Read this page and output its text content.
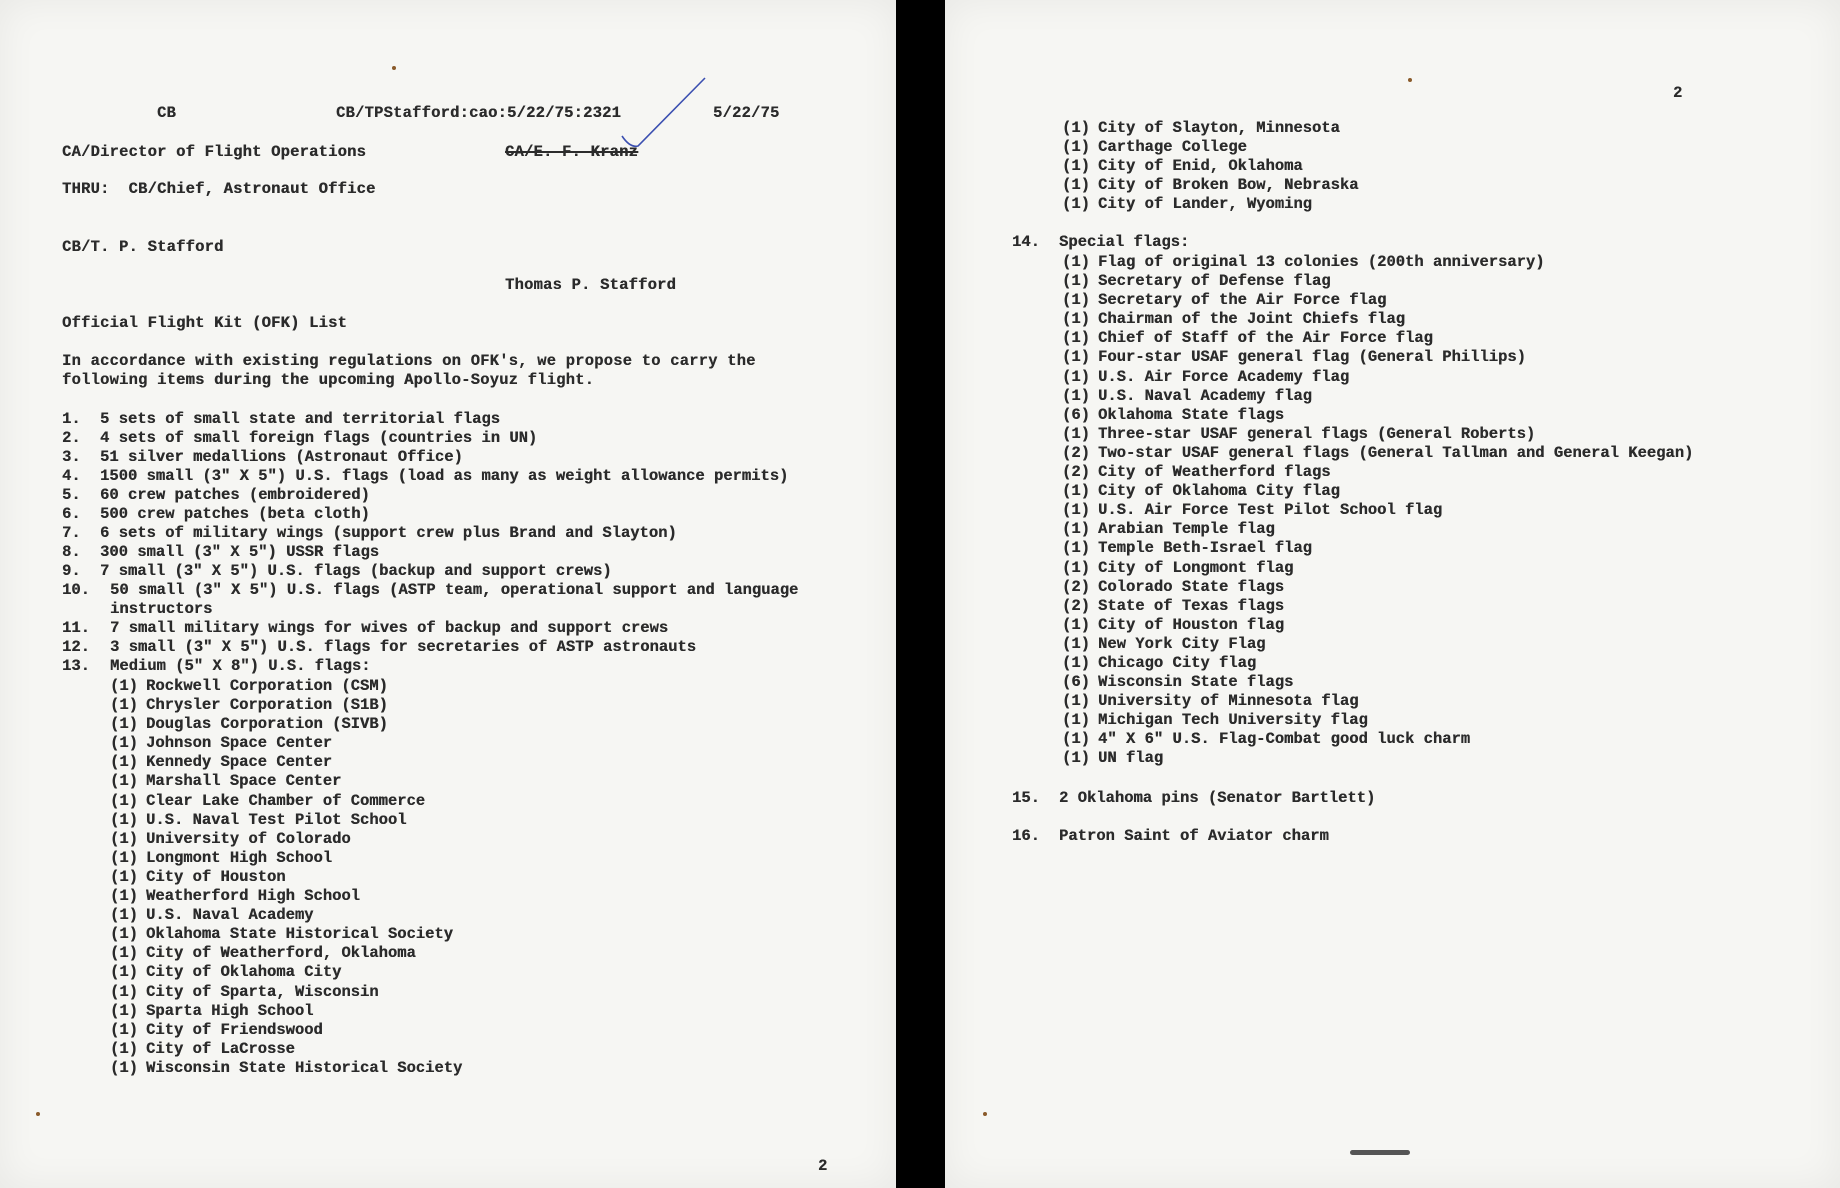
CB	CB/TPStafford:cao:5/22/75:2321	5/22/75
CA/Director of Flight Operations	CA/E. F. Kranz
THRU:  CB/Chief, Astronaut Office
CB/T. P. Stafford
Thomas P. Stafford
Official Flight Kit (OFK) List
In accordance with existing regulations on OFK's, we propose to carry the
following items during the upcoming Apollo-Soyuz flight.
1. 5 sets of small state and territorial flags
2. 4 sets of small foreign flags (countries in UN)
3. 51 silver medallions (Astronaut Office)
4. 1500 small (3" X 5") U.S. flags (load as many as weight allowance permits)
5. 60 crew patches (embroidered)
6. 500 crew patches (beta cloth)
7. 6 sets of military wings (support crew plus Brand and Slayton)
8. 300 small (3" X 5") USSR flags
9. 7 small (3" X 5") U.S. flags (backup and support crews)
10. 50 small (3" X 5") U.S. flags (ASTP team, operational support and language
instructors
11. 7 small military wings for wives of backup and support crews
12. 3 small (3" X 5") U.S. flags for secretaries of ASTP astronauts
13. Medium (5" X 8") U.S. flags:
(1) Rockwell Corporation (CSM)
(1) Chrysler Corporation (S1B)
(1) Douglas Corporation (SIVB)
(1) Johnson Space Center
(1) Kennedy Space Center
(1) Marshall Space Center
(1) Clear Lake Chamber of Commerce
(1) U.S. Naval Test Pilot School
(1) University of Colorado
(1) Longmont High School
(1) City of Houston
(1) Weatherford High School
(1) U.S. Naval Academy
(1) Oklahoma State Historical Society
(1) City of Weatherford, Oklahoma
(1) City of Oklahoma City
(1) City of Sparta, Wisconsin
(1) Sparta High School
(1) City of Friendswood
(1) City of LaCrosse
(1) Wisconsin State Historical Society
2
2
(1) City of Slayton, Minnesota
(1) Carthage College
(1) City of Enid, Oklahoma
(1) City of Broken Bow, Nebraska
(1) City of Lander, Wyoming
14. Special flags:
(1) Flag of original 13 colonies (200th anniversary)
(1) Secretary of Defense flag
(1) Secretary of the Air Force flag
(1) Chairman of the Joint Chiefs flag
(1) Chief of Staff of the Air Force flag
(1) Four-star USAF general flag (General Phillips)
(1) U.S. Air Force Academy flag
(1) U.S. Naval Academy flag
(6) Oklahoma State flags
(1) Three-star USAF general flags (General Roberts)
(2) Two-star USAF general flags (General Tallman and General Keegan)
(2) City of Weatherford flags
(1) City of Oklahoma City flag
(1) U.S. Air Force Test Pilot School flag
(1) Arabian Temple flag
(1) Temple Beth-Israel flag
(1) City of Longmont flag
(2) Colorado State flags
(2) State of Texas flags
(1) City of Houston flag
(1) New York City Flag
(1) Chicago City flag
(6) Wisconsin State flags
(1) University of Minnesota flag
(1) Michigan Tech University flag
(1) 4" X 6" U.S. Flag-Combat good luck charm
(1) UN flag
15. 2 Oklahoma pins (Senator Bartlett)
16. Patron Saint of Aviator charm
